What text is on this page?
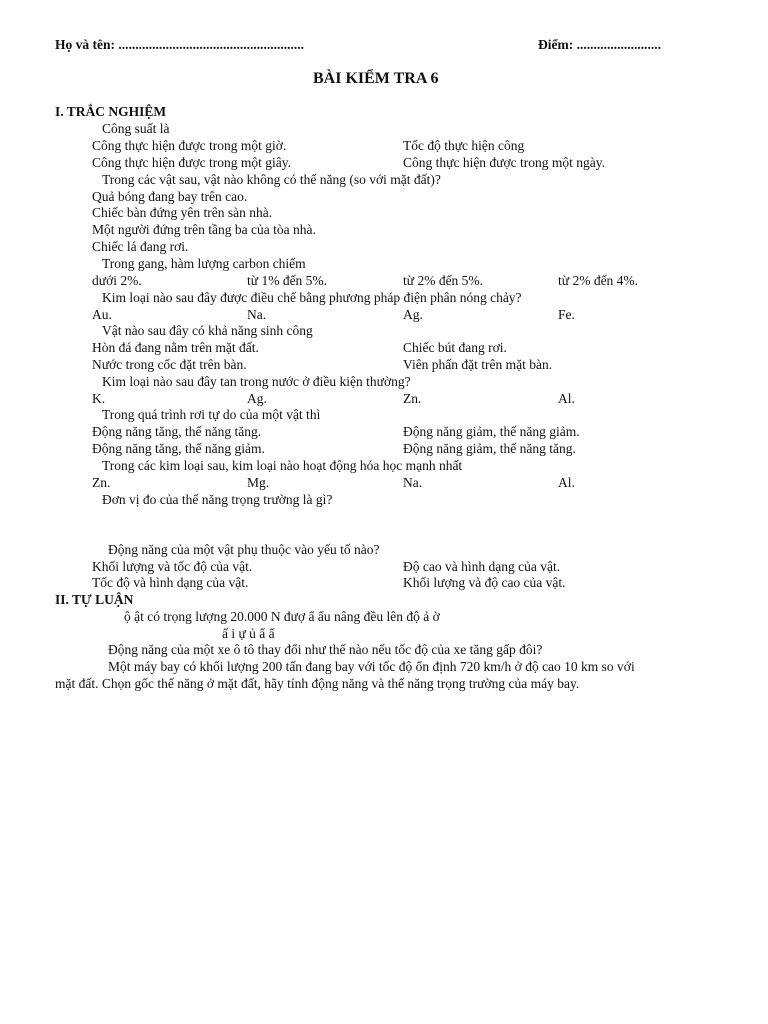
Họ và tên: .......................................................	Điểm: .........................
BÀI KIỂM TRA 6
I. TRẮC NGHIỆM
Công suất là
Công thực hiện được trong một giờ.	Tốc độ thực hiện công
Công thực hiện được trong một giây.	Công thực hiện được trong một ngày.
Trong các vật sau, vật nào không có thế năng (so với mặt đất)?
Quả bóng đang bay trên cao.
Chiếc bàn đứng yên trên sàn nhà.
Một người đứng trên tầng ba của tòa nhà.
Chiếc lá đang rơi.
Trong gang, hàm lượng carbon chiếm
dưới 2%.	từ 1% đến 5%.	từ 2% đến 5%.	từ 2% đến 4%.
Kim loại nào sau đây được điều chế bằng phương pháp điện phân nóng chảy?
Au.	Na.	Ag.	Fe.
Vật nào sau đây có khả năng sinh công
Hòn đá đang nằm trên mặt đất.	Chiếc bút đang rơi.
Nước trong cốc đặt trên bàn.	Viên phấn đặt trên mặt bàn.
Kim loại nào sau đây tan trong nước ở điều kiện thường?
K.	Ag.	Zn.	Al.
Trong quá trình rơi tự do của một vật thì
Động năng tăng, thế năng tăng.	Động năng giảm, thế năng giảm.
Động năng tăng, thế năng giảm.	Động năng giảm, thế năng tăng.
Trong các kim loại sau, kim loại nào hoạt động hóa học mạnh nhất
Zn.	Mg.	Na.	Al.
Đơn vị đo của thế năng trọng trường là gì?
Động năng của một vật phụ thuộc vào yếu tố nào?
Khối lượng và tốc độ của vật.	Độ cao và hình dạng của vật.
Tốc độ và hình dạng của vật.	Khối lượng và độ cao của vật.
II. TỰ LUẬN
ộ ật có trọng lượng 20.000 N đượ ẩ ẩu nâng đều lên độ ả ờ
ấ i ự ủ ẩ ẩ
Động năng của một xe ô tô thay đổi như thế nào nếu tốc độ của xe tăng gấp đôi?
Một máy bay có khối lượng 200 tấn đang bay với tốc độ ổn định 720 km/h ở độ cao 10 km so với
mặt đất. Chọn gốc thế năng ở mặt đất, hãy tính động năng và thế năng trọng trường của máy bay.
